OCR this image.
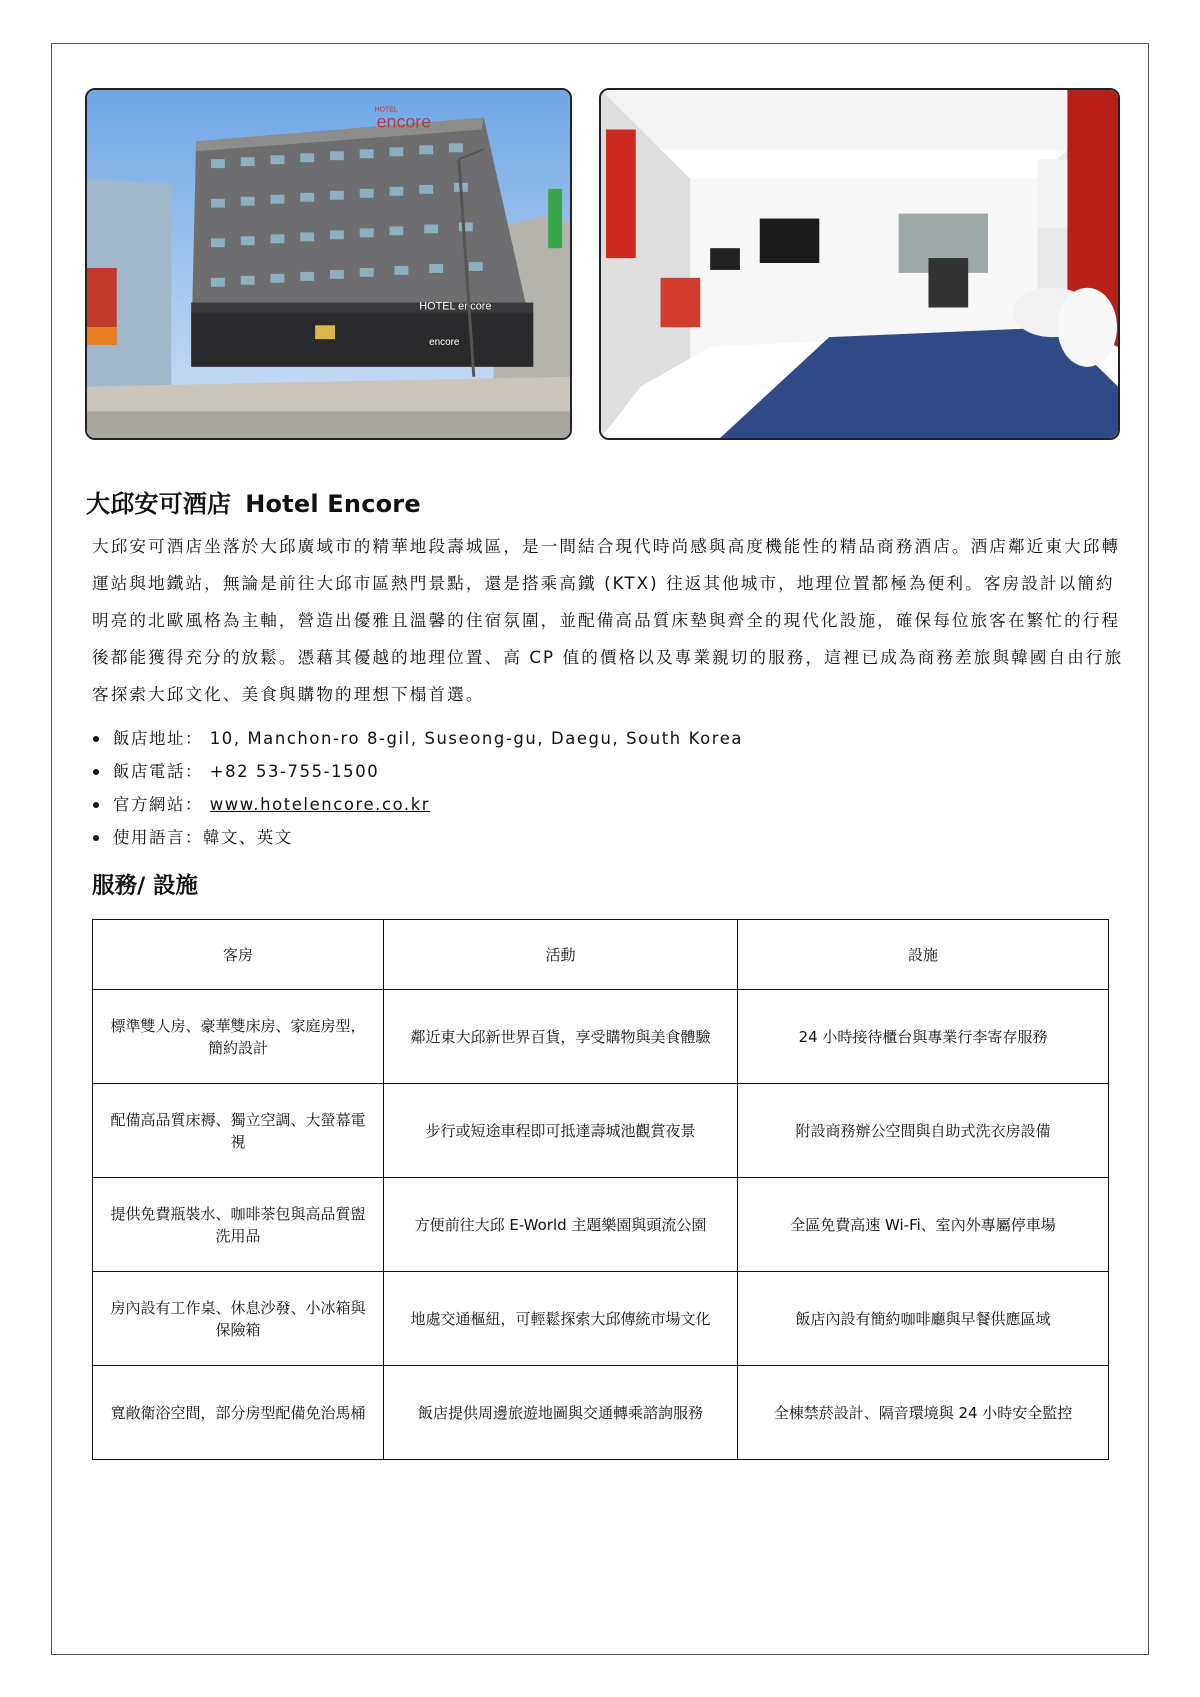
HOTEL encore
encore
HOTEL
encore
大邱安可酒店 Hotel Encore

大邱安可酒店坐落於大邱廣域市的精華地段壽城區，是一間結合現代時尚感與高度機能性的精品商務酒店。酒店鄰近東大邱轉運站與地鐵站，無論是前往大邱市區熱門景點，還是搭乘高鐵 (KTX) 往返其他城市，地理位置都極為便利。客房設計以簡約明亮的北歐風格為主軸，營造出優雅且溫馨的住宿氛圍，並配備高品質床墊與齊全的現代化設施，確保每位旅客在繁忙的行程後都能獲得充分的放鬆。憑藉其優越的地理位置、高 CP 值的價格以及專業親切的服務，這裡已成為商務差旅與韓國自由行旅客探索大邱文化、美食與購物的理想下榻首選。

飯店地址： 10, Manchon-ro 8-gil, Suseong-gu, Daegu, South Korea
飯店電話： +82 53-755-1500
官方網站： www.hotelencore.co.kr
使用語言：韓文、英文
服務/ 設施
客房	活動	設施
標準雙人房、豪華雙床房、家庭房型，簡約設計	鄰近東大邱新世界百貨，享受購物與美食體驗	24 小時接待櫃台與專業行李寄存服務
配備高品質床褥、獨立空調、大螢幕電視	步行或短途車程即可抵達壽城池觀賞夜景	附設商務辦公空間與自助式洗衣房設備
提供免費瓶裝水、咖啡茶包與高品質盥洗用品	方便前往大邱 E-World 主題樂園與頭流公園	全區免費高速 Wi-Fi、室內外專屬停車場
房內設有工作桌、休息沙發、小冰箱與保險箱	地處交通樞紐，可輕鬆探索大邱傳統市場文化	飯店內設有簡約咖啡廳與早餐供應區域
寬敞衛浴空間，部分房型配備免治馬桶	飯店提供周邊旅遊地圖與交通轉乘諮詢服務	全棟禁菸設計、隔音環境與 24 小時安全監控
